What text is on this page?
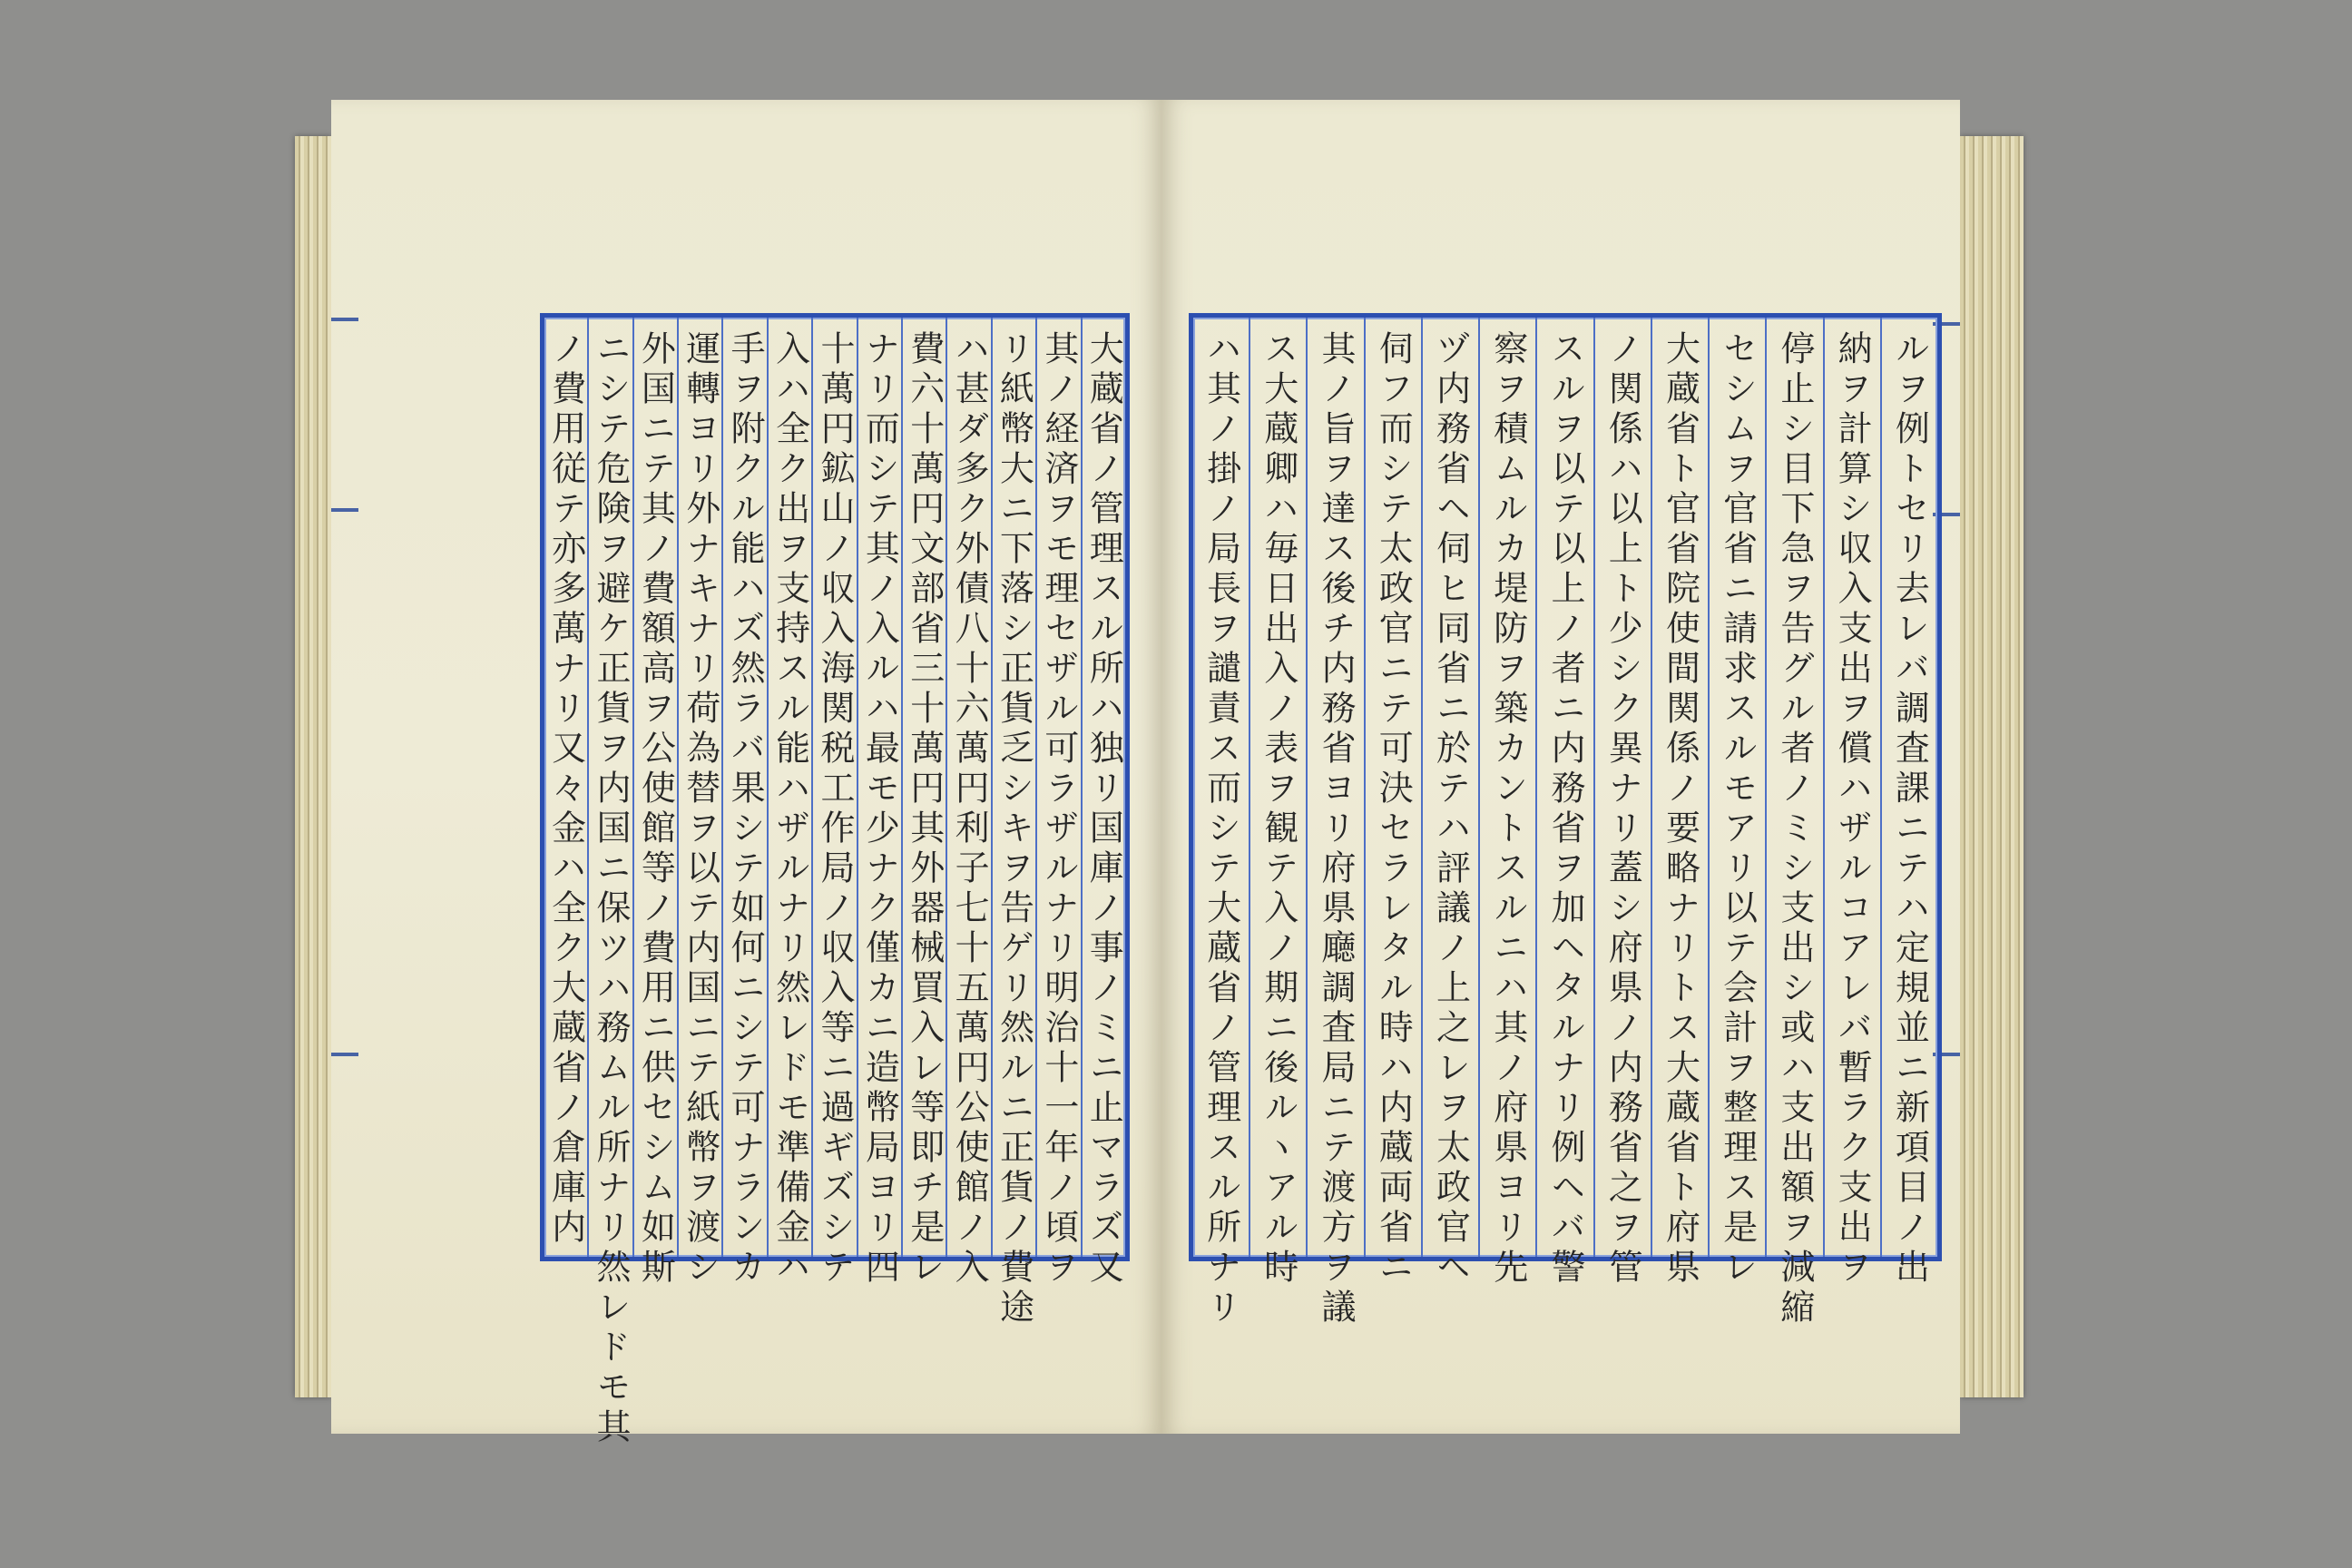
大蔵省ノ管理スル所ハ独リ国庫ノ事ノミニ止マラズ又
其ノ経済ヲモ理セザル可ラザルナリ明治十一年ノ頃ヲ
リ紙幣大ニ下落シ正貨乏シキヲ告ゲリ然ルニ正貨ノ費途
ハ甚ダ多ク外債八十六萬円利子七十五萬円公使館ノ入
費六十萬円文部省三十萬円其外器械買入レ等即チ是レ
ナリ而シテ其ノ入ルハ最モ少ナク僅カニ造幣局ヨリ四
十萬円鉱山ノ収入海関税工作局ノ収入等ニ過ギズシテ
入ハ全ク出ヲ支持スル能ハザルナリ然レドモ準備金ハ
手ヲ附クル能ハズ然ラバ果シテ如何ニシテ可ナランカ
運轉ヨリ外ナキナリ荷為替ヲ以テ内国ニテ紙幣ヲ渡シ
外国ニテ其ノ費額高ヲ公使館等ノ費用ニ供セシム如斯
ニシテ危険ヲ避ケ正貨ヲ内国ニ保ツハ務ムル所ナリ然レドモ其
ノ費用従テ亦多萬ナリ又々金ハ全ク大蔵省ノ倉庫内	ルヲ例トセリ去レバ調査課ニテハ定規並ニ新項目ノ出
納ヲ計算シ収入支出ヲ償ハザルコアレバ暫ラク支出ヲ
停止シ目下急ヲ告グル者ノミシ支出シ或ハ支出額ヲ減縮
セシムヲ官省ニ請求スルモアリ以テ会計ヲ整理ス是レ
大蔵省ト官省院使間関係ノ要略ナリトス大蔵省ト府県
ノ関係ハ以上ト少シク異ナリ蓋シ府県ノ内務省之ヲ管
スルヲ以テ以上ノ者ニ内務省ヲ加ヘタルナリ例ヘバ警
察ヲ積ムルカ堤防ヲ築カントスルニハ其ノ府県ヨリ先
ヅ内務省ヘ伺ヒ同省ニ於テハ評議ノ上之レヲ太政官ヘ
伺フ而シテ太政官ニテ可決セラレタル時ハ内蔵両省ニ
其ノ旨ヲ達ス後チ内務省ヨリ府県廰調査局ニテ渡方ヲ議
ス大蔵卿ハ毎日出入ノ表ヲ観テ入ノ期ニ後ルヽアル時
ハ其ノ掛ノ局長ヲ譴責ス而シテ大蔵省ノ管理スル所ナリ
